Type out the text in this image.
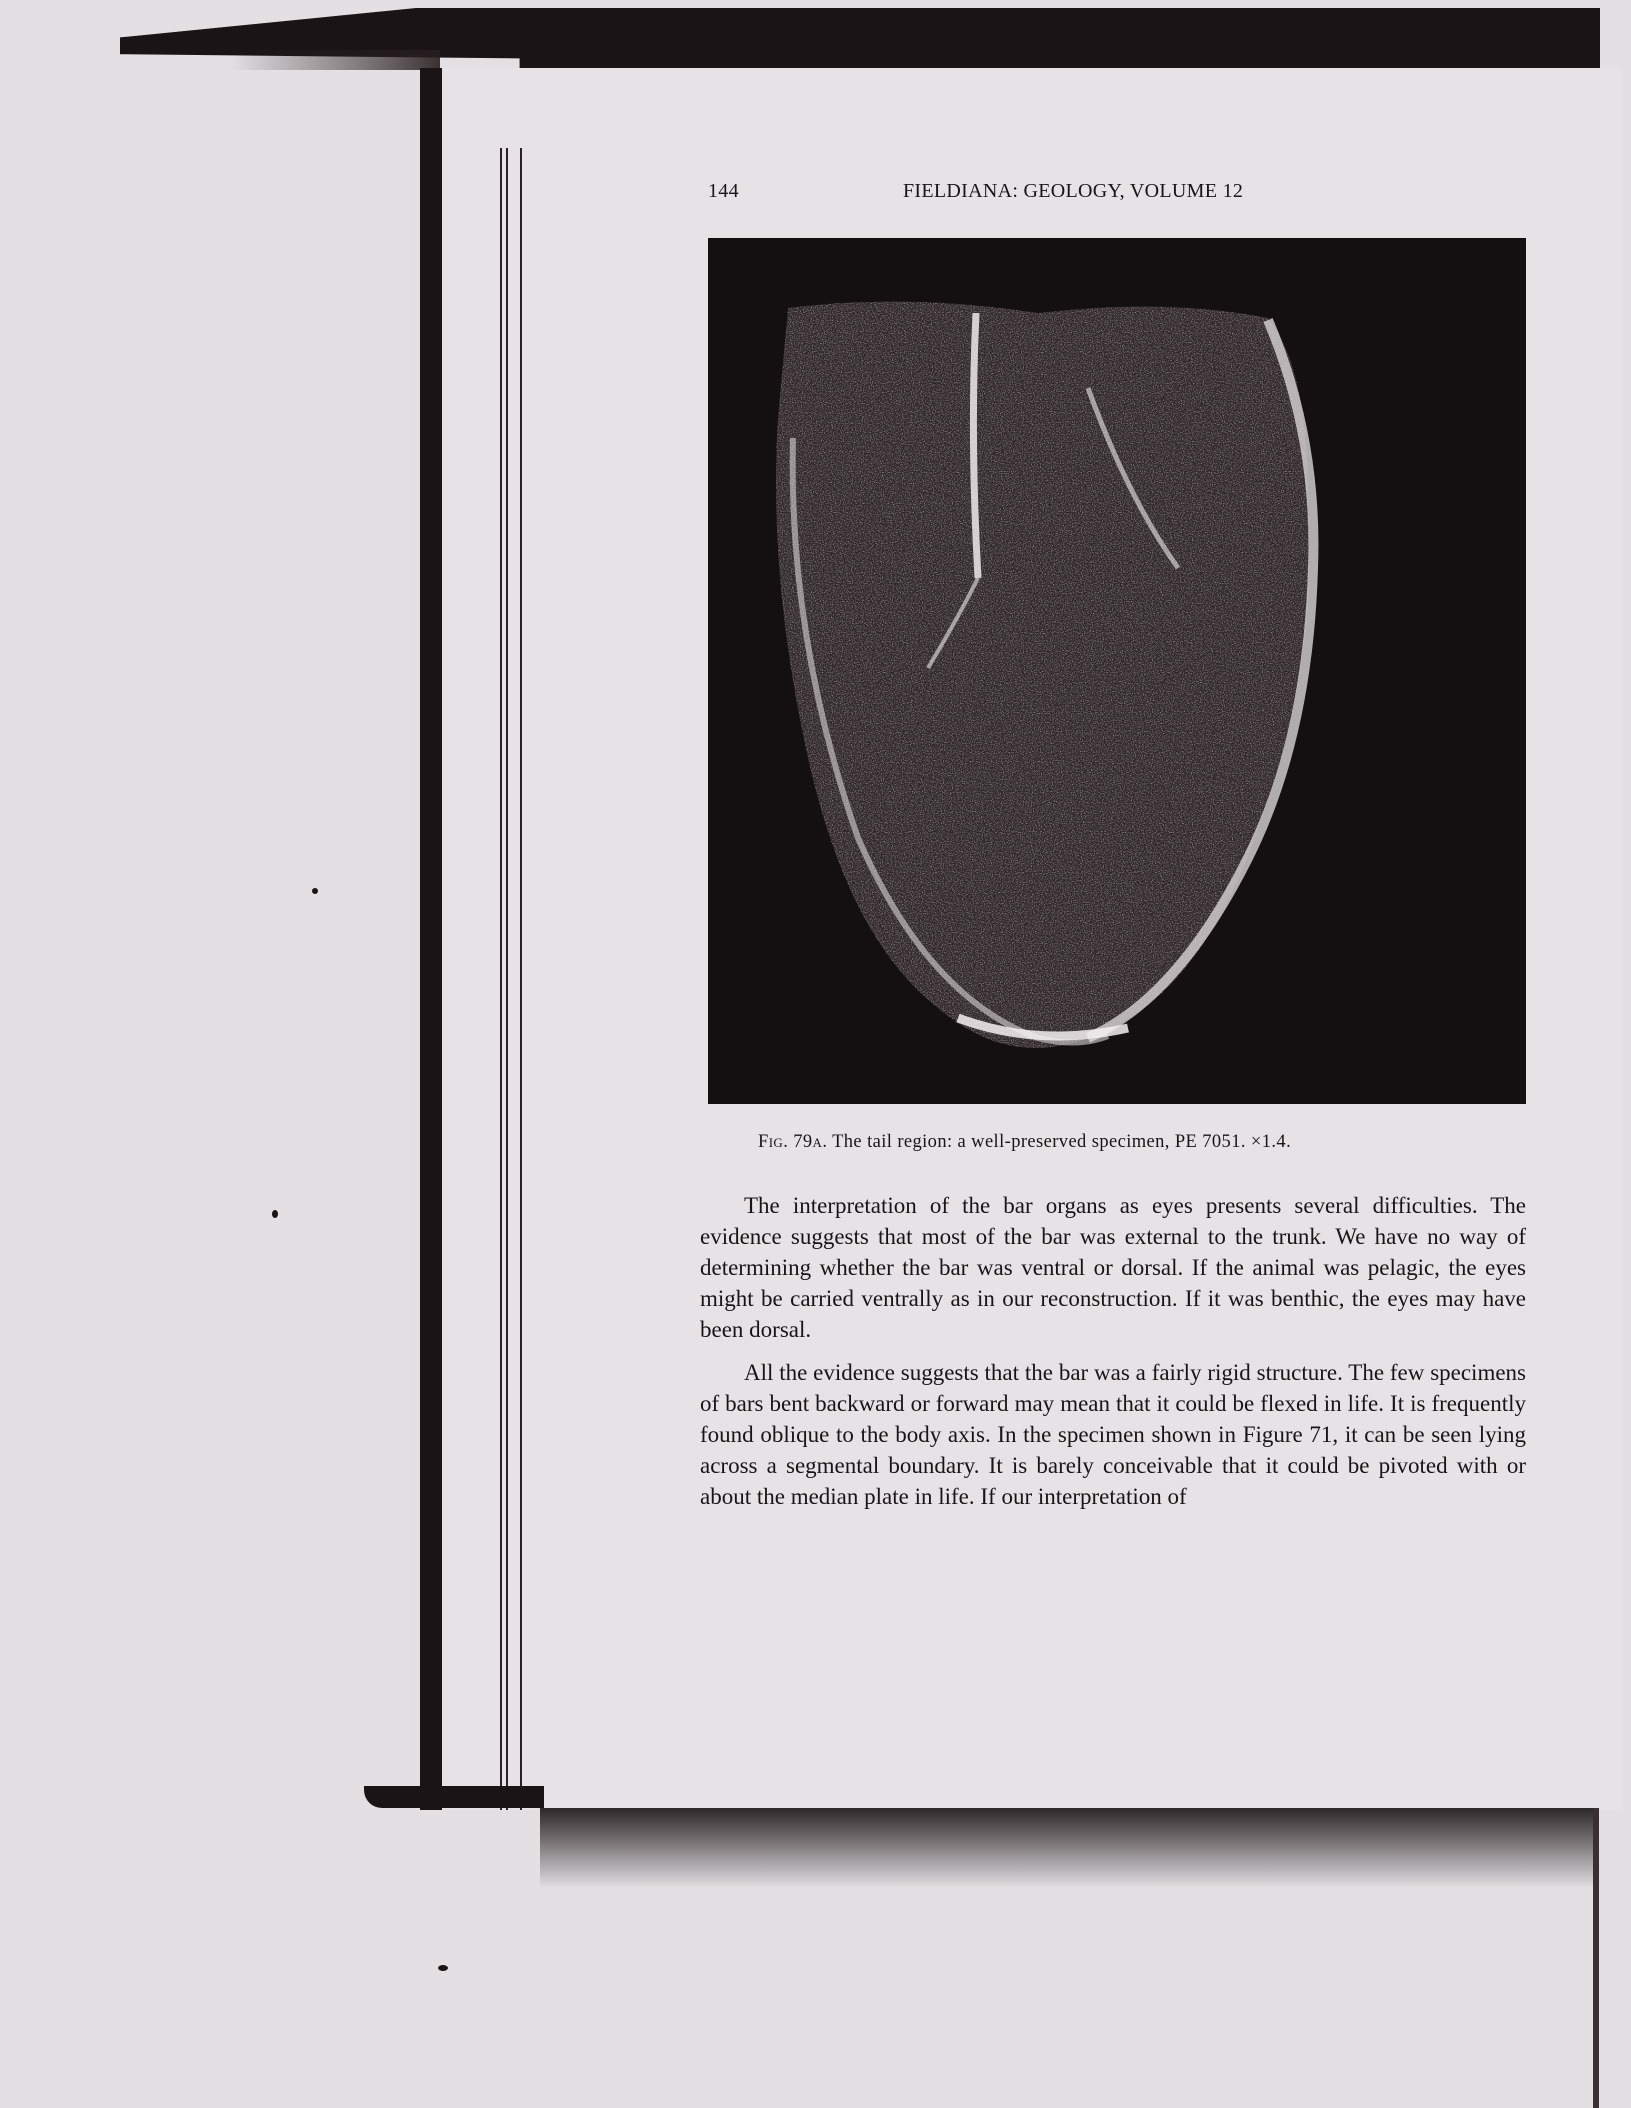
144	FIELDIANA: GEOLOGY, VOLUME 12
Fig. 79a. The tail region: a well-preserved specimen, PE 7051. ×1.4.

The interpretation of the bar organs as eyes presents several difficulties. The evidence suggests that most of the bar was external to the trunk. We have no way of determining whether the bar was ventral or dorsal. If the animal was pelagic, the eyes might be carried ventrally as in our reconstruction. If it was benthic, the eyes may have been dorsal.

All the evidence suggests that the bar was a fairly rigid structure. The few specimens of bars bent backward or forward may mean that it could be flexed in life. It is frequently found oblique to the body axis. In the specimen shown in Figure 71, it can be seen lying across a segmental boundary. It is barely conceivable that it could be pivoted with or about the median plate in life. If our interpretation of
